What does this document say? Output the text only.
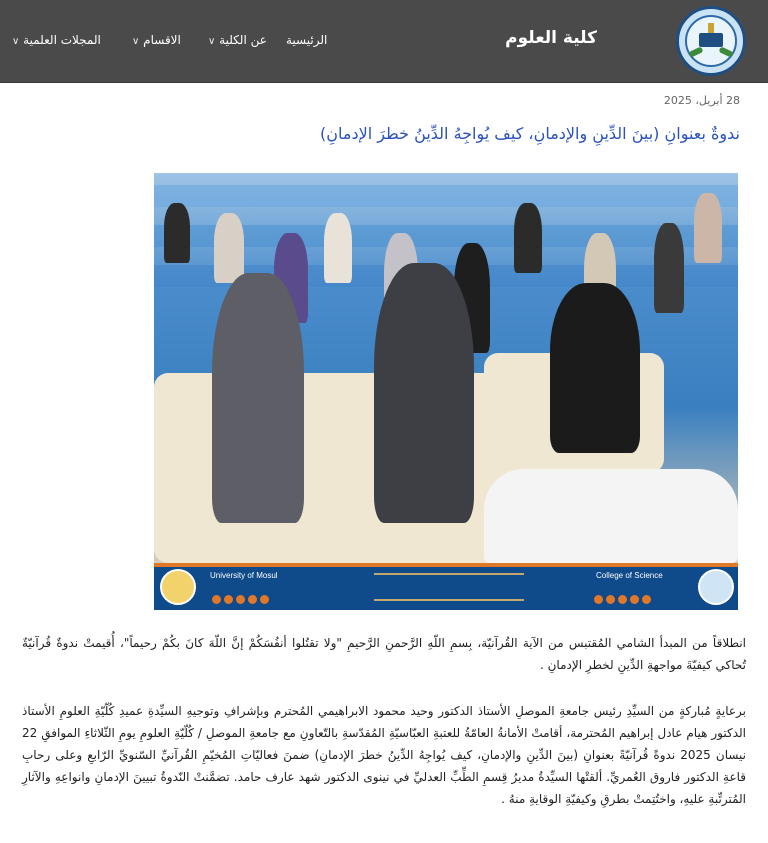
كلية العلوم
الرئيسية
عن الكلية ∨
الاقسام ∨
المجلات العلمية ∨
28 أبريل، 2025
ندوةٌ بعنوانِ (بينَ الدِّينِ والإدمانِ، كيف يُواجِهُ الدِّينُ خطرَ الإدمانِ)
University of Mosul	College of Science

انطلاقاً من المبدأ الشامي المُقتبس من الآية القُرآنيّة، بِسمِ اللّهِ الرَّحمنِ الرَّحيمِ "ولا تقتُلوا أنفُسَكُمْ إنَّ اللّهَ كانَ بكُمْ رحيماً"، أُقيمتْ ندوةٌ قُرآنيّةٌ تُحاكي كيفيّةَ مواجهةِ الدِّينِ لخطرِ الإدمانِ .

برعايةٍ مُباركةٍ من السيِّدِ رئيس جامعةِ الموصلِ الأستاذ الدكتور وحيد محمود الابراهيمي المُحترم وبإشرافِ وتوجيهِ السيِّدةِ عميدِ كُلّيّةِ العلومِ الأستاذ الدكتور هيام عادل إبراهيم المُحترمة، أقامتْ الأمانةُ العامّةُ للعتبةِ العبّاسيّةِ المُقدّسةِ بالتّعاونِ مع جامعةِ الموصلِ / كُلّيّةِ العلومِ يومِ الثّلاثاءِ الموافقِ 22 نيسان 2025 ندوةً قُرآنيّةً بعنوانِ (بينَ الدِّينِ والإدمانِ، كيف يُواجِهُ الدِّينُ خطرَ الإدمانِ) ضمنَ فعاليّاتِ المُخيّمِ القُرآنيِّ السّنويِّ الرّابعِ وعلى رحابِ قاعةِ الدكتور فاروق العُمريِّ. ألقتْها السيِّدةُ مديرُ قِسمِ الطِّبِّ العدليِّ في نينوى الدكتور شهد عارف حامد. تضمَّنتْ النّدوةُ تبيينَ الإدمانِ وانواعِهِ والآثارِ المُترتِّبةِ عليهِ، واختُتِمتْ بطرقِ وكيفيّةِ الوقايةِ منهُ .
